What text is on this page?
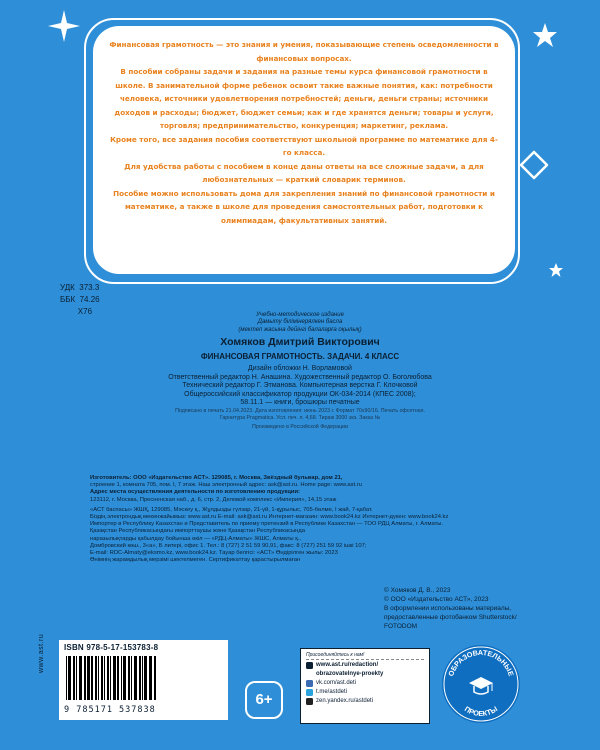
Финансовая грамотность — это знания и умения, показывающие степень осведомленности в финансовых вопросах.

В пособии собраны задачи и задания на разные темы курса финансовой грамотности в школе. В занимательной форме ребенок освоит такие важные понятия, как: потребности человека, источники удовлетворения потребностей; деньги, деньги страны; источники доходов и расходы; бюджет, бюджет семьи; как и где хранятся деньги; товары и услуги, торговля; предпринимательство, конкуренция; маркетинг, реклама.

Кроме того, все задания пособия соответствуют школьной программе по математике для 4-го класса.

Для удобства работы с пособием в конце даны ответы на все сложные задачи, а для любознательных — краткий словарик терминов.

Пособие можно использовать дома для закрепления знаний по финансовой грамотности и математике, а также в школе для проведения самостоятельных работ, подготовки к олимпиадам, факультативных занятий.

УДК  373.3
ББК  74.26
Х76	Учебно-методическое издание
Дамыту бiлiмiнерялкен басла
(мектеп жасына дейiнгi балаларға оқылық)
Хомяков Дмитрий Викторович
ФИНАНСОВАЯ ГРАМОТНОСТЬ. ЗАДАЧИ. 4 КЛАСС
Дизайн обложки Н. Ворламовой
Ответственный редактор Н. Анашина. Художественный редактор О. Боголюбова
Технический редактор Г. Этманова. Компьютерная верстка Г. Клочковой
Общероссийский классификатор продукции ОК-034-2014 (КПЕС 2008);
58.11.1 — книги, брошюры печатные
Подписано в печать 21.04.2023. Дата изготовления: июнь 2023 г. Формат 70х90/16. Печать офсетная.
Гарнитура Pragmatica. Усл. печ. л. 4,68. Тираж 3000 экз. Заказ №
Произведено в Российской Федерации
Изготовитель: ООО «Издательство АСТ». 129085, г. Москва, Звёздный бульвар, дом 21,
строение 1, комната 705, пом. I, 7 этаж. Наш электронный адрес: ask@ast.ru. Home page: www.ast.ru
Адрес места осуществления деятельности по изготовлению продукции:
123112, г. Москва, Пресненская наб., д. 6, стр. 2, Деловой комплекс «Империя», 14,15 этаж
«АСТ баспасы» ЖШҚ, 129085, Мәскеу қ., Жұлдызды гүлзар, 21-үй, 1-құрылыс, 705-бөлме, I жай, 7-қабат.
Біздің электрондық мекенжайымыз: www.ast.ru E-mail: ask@ast.ru Интернет-магазин: www.book24.kz Интернет-дүкен: www.book24.kz
Импортер в Республику Казахстан и Представитель по приему претензий в Республике Казахстан — ТОО РДЦ Алматы, г. Алматы.
Қазақстан Республикасындағы импорттаушы және Қазақстан Республикасында
наразылықтарды қабылдау бойынша өкіл — «РДЦ-Алматы» ЖШС, Алматы қ.,
Домбровский көш., 3«а», Б литері, офис 1. Тел.: 8 (727) 2 51 59 90,91, факс: 8 (727) 251 59 92 ішкі 107;
E-mail: RDC-Almaty@eksmo.kz, www.book24.kz. Тауар белгісі: «АСТ» Өндірілген жылы: 2023
Өнімнің жарамдылық мерзімі шектелмеген. Сертификаттау қарастырылмаған
© Хомяков Д. В., 2023
© ООО «Издательство АСТ», 2023
В оформлении использованы материалы,
предоставленные фотобанком Shutterstock/
FOTODOM
www.ast.ru ISBN 978-5-17-153783-8
9 785171 537838
6+
Присоединяйтесь к нам!
www.ast.ru/redaction/
obrazovatelnye-proekty
vk.com/ast.deti
t.me/astdeti
zen.yandex.ru/astdeti
ОБРАЗОВАТЕЛЬНЫЕ
ПРОЕКТЫ
